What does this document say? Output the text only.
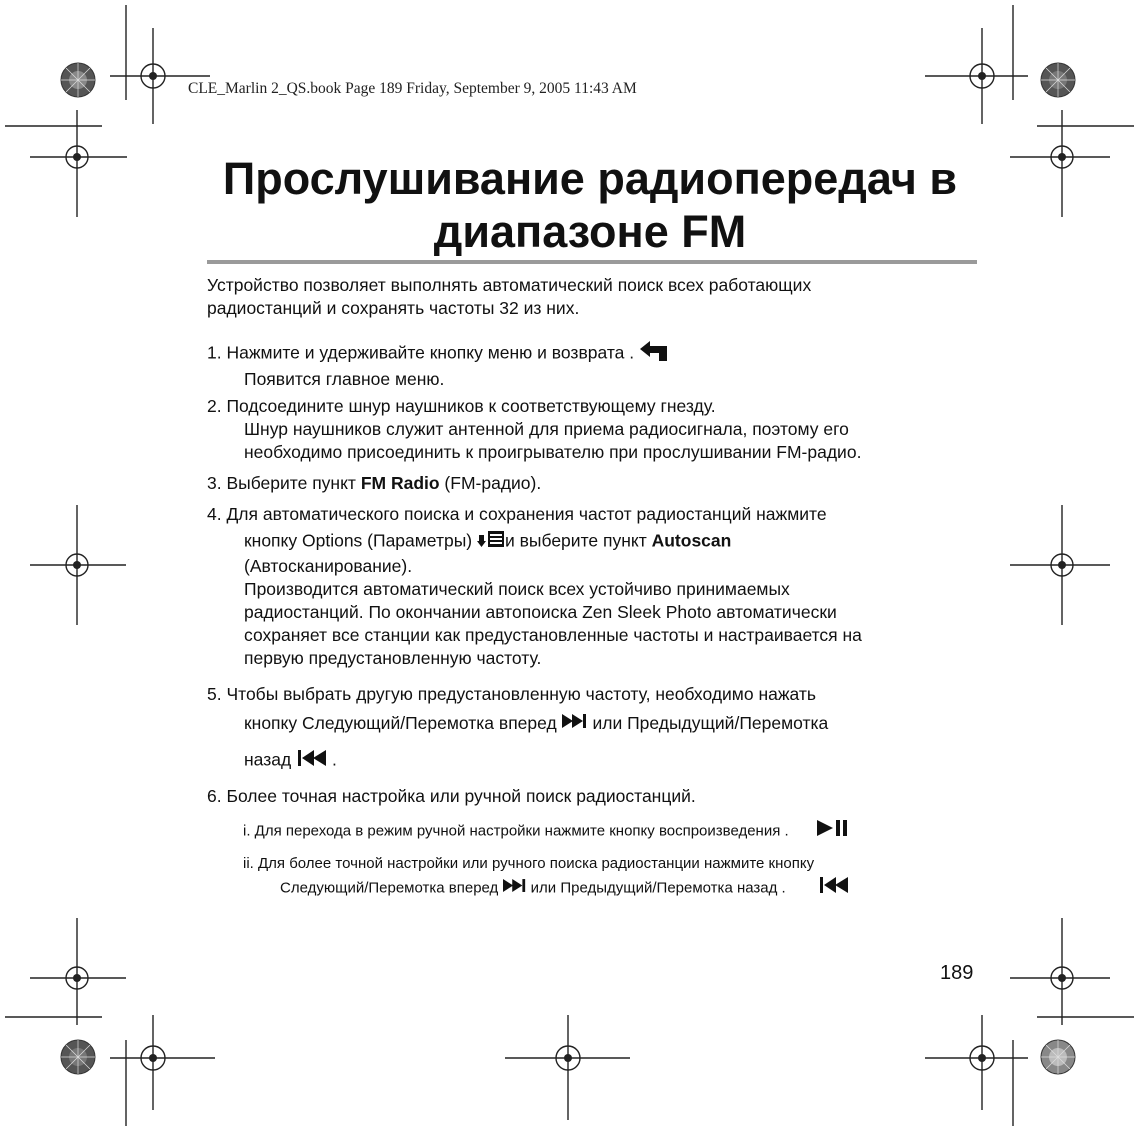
CLE_Marlin 2_QS.book Page 189 Friday, September 9, 2005 11:43 AM
Прослушивание радиопередач в
диапазоне FM
Устройство позволяет выполнять автоматический поиск всех работающих
радиостанций и сохранять частоты 32 из них.
1. Нажмите и удерживайте кнопку меню и возврата .
Появится главное меню.
2. Подсоедините шнур наушников к соответствующему гнезду.
Шнур наушников служит антенной для приема радиосигнала, поэтому его
необходимо присоединить к проигрывателю при прослушивании FM-радио.
3. Выберите пункт FM Radio (FM-радио).
4. Для автоматического поиска и сохранения частот радиостанций нажмите
кнопку Options (Параметры) и выберите пункт Autoscan
(Автосканирование).
Производится автоматический поиск всех устойчиво принимаемых
радиостанций. По окончании автопоиска Zen Sleek Photo автоматически
сохраняет все станции как предустановленные частоты и настраивается на
первую предустановленную частоту.
5. Чтобы выбрать другую предустановленную частоту, необходимо нажать
кнопку Следующий/Перемотка вперед или Предыдущий/Перемотка
назад .
6. Более точная настройка или ручной поиск радиостанций.
i. Для перехода в режим ручной настройки нажмите кнопку воспроизведения .
ii. Для более точной настройки или ручного поиска радиостанции нажмите кнопку
Следующий/Перемотка вперед или Предыдущий/Перемотка назад .
189
